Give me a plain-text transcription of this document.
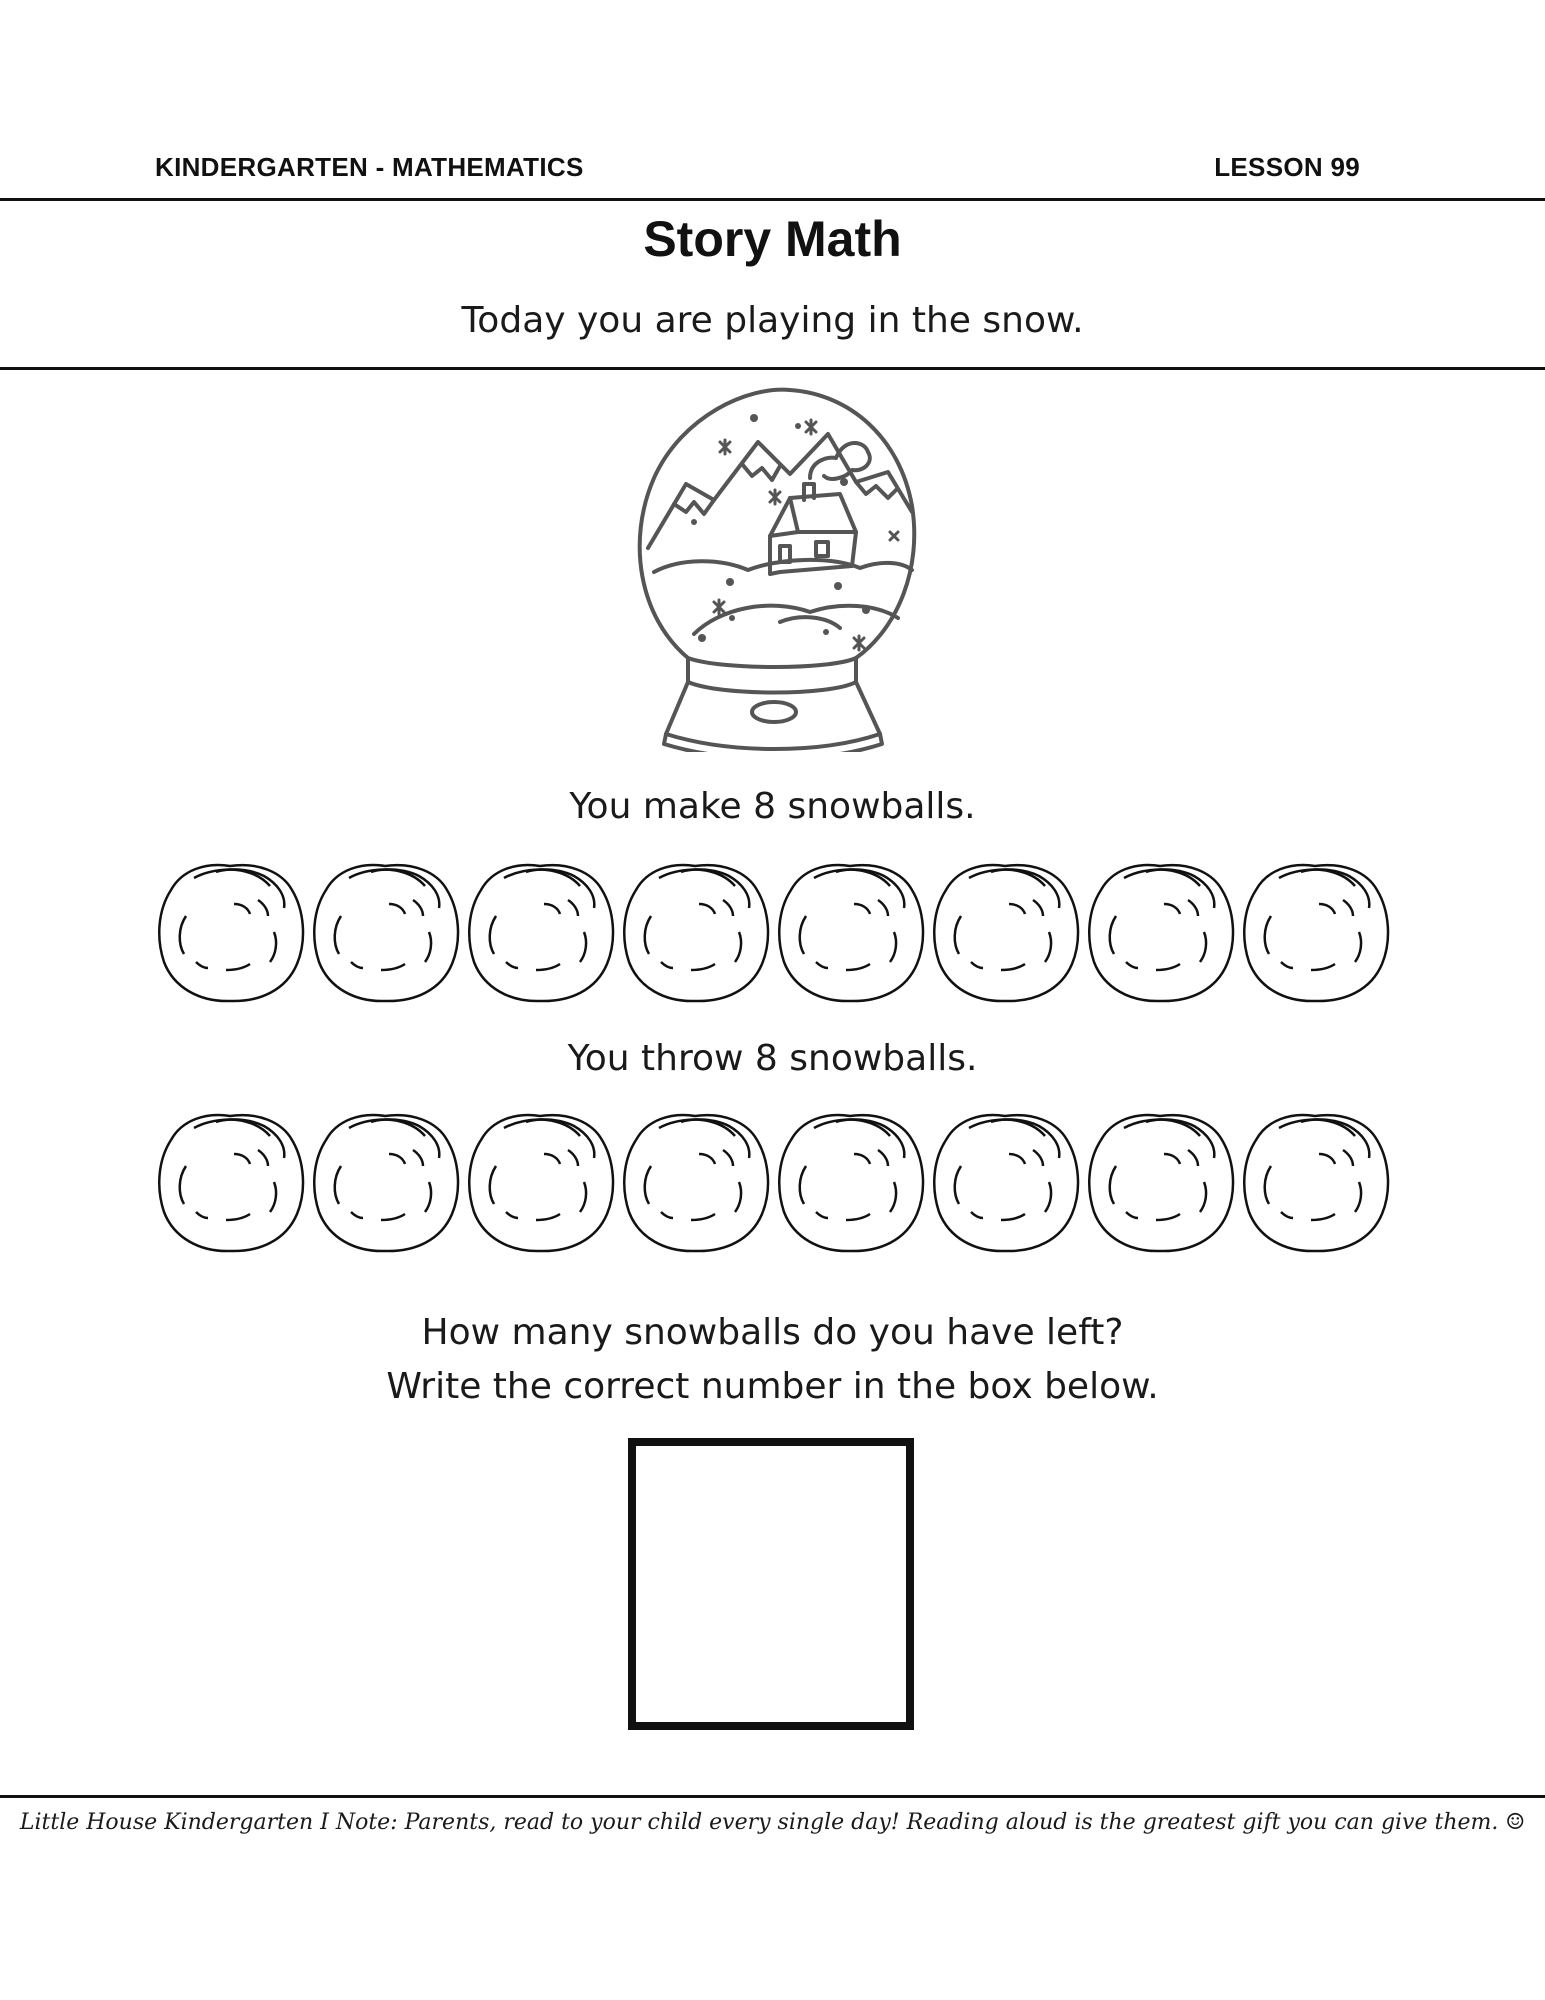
KINDERGARTEN - MATHEMATICS	LESSON 99
Story Math
Today you are playing in the snow.
You make 8 snowballs.
You throw 8 snowballs.
How many snowballs do you have left?
Write the correct number in the box below.
Little House Kindergarten I Note: Parents, read to your child every single day! Reading aloud is the greatest gift you can give them. ☺
